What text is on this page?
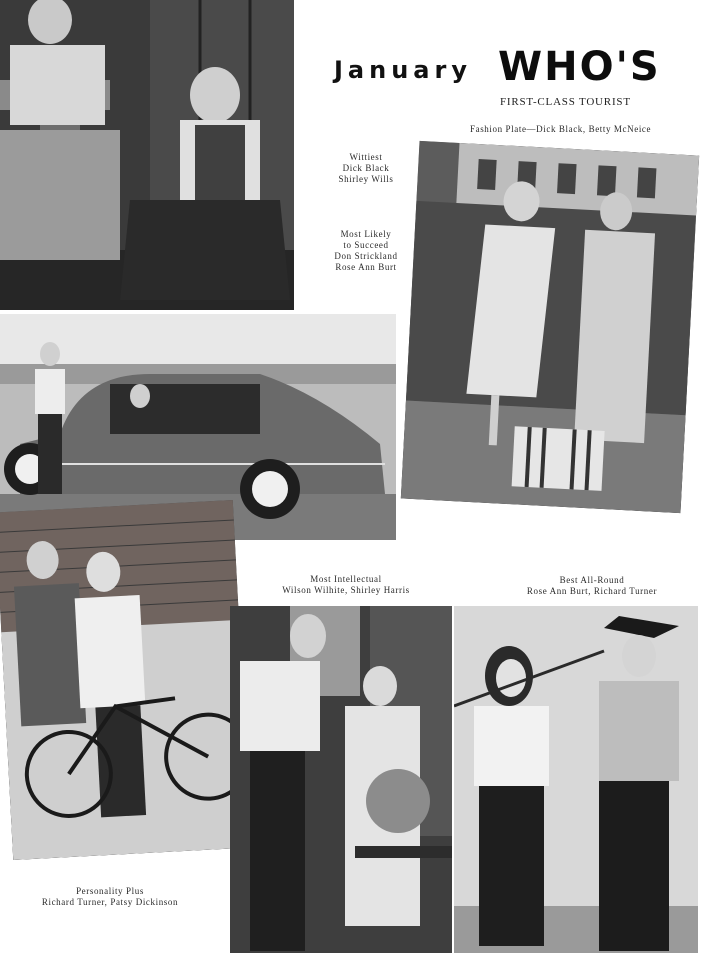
January WHO'S
FIRST-CLASS TOURIST
Fashion Plate—Dick Black, Betty McNeice
Wittiest
Dick Black
Shirley Wills
Most Likely
to Succeed
Don Strickland
Rose Ann Burt
Most Intellectual
Wilson Wilhite, Shirley Harris
Best All-Round
Rose Ann Burt, Richard Turner
Personality Plus
Richard Turner, Patsy Dickinson
